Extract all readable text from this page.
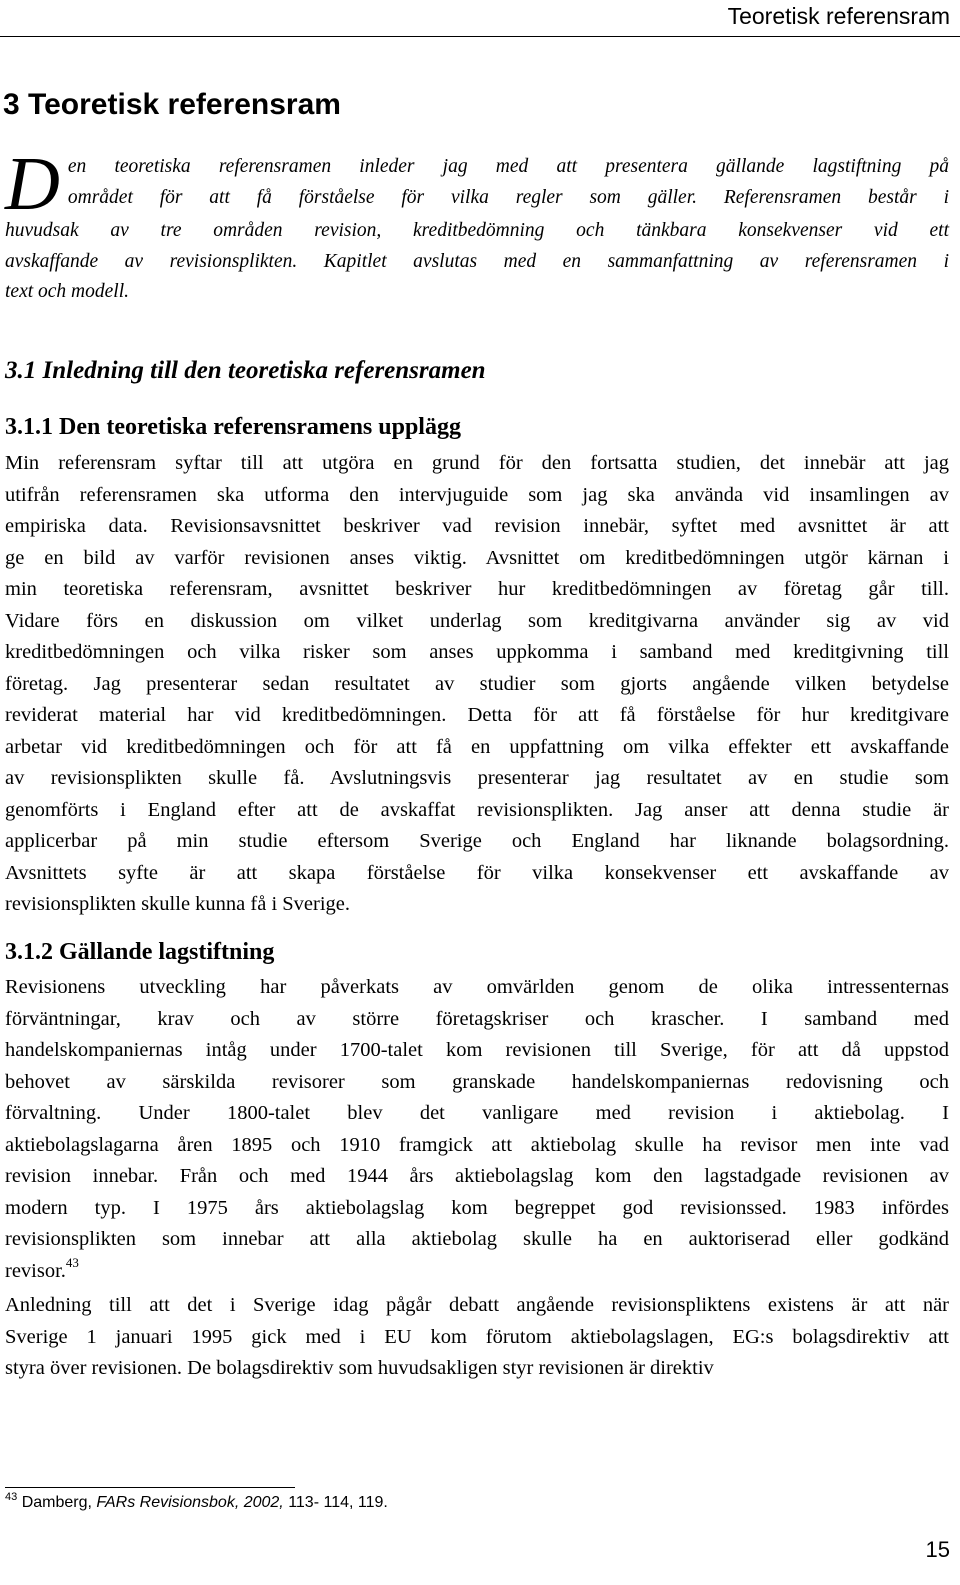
Teoretisk referensram
3 Teoretisk referensram
D en teoretiska referensramen inleder jag med att presentera gällande lagstiftning på
området för att få förståelse för vilka regler som gäller. Referensramen består i
huvudsak av tre områden revision, kreditbedömning och tänkbara konsekvenser vid ett
avskaffande av revisionsplikten. Kapitlet avslutas med en sammanfattning av referensramen i
text och modell.

3.1 Inledning till den teoretiska referensramen
3.1.1 Den teoretiska referensramens upplägg
Min referensram syftar till att utgöra en grund för den fortsatta studien, det innebär att jag
utifrån referensramen ska utforma den intervjuguide som jag ska använda vid insamlingen av
empiriska data. Revisionsavsnittet beskriver vad revision innebär, syftet med avsnittet är att
ge en bild av varför revisionen anses viktig. Avsnittet om kreditbedömningen utgör kärnan i
min teoretiska referensram, avsnittet beskriver hur kreditbedömningen av företag går till.
Vidare förs en diskussion om vilket underlag som kreditgivarna använder sig av vid
kreditbedömningen och vilka risker som anses uppkomma i samband med kreditgivning till
företag. Jag presenterar sedan resultatet av studier som gjorts angående vilken betydelse
reviderat material har vid kreditbedömningen. Detta för att få förståelse för hur kreditgivare
arbetar vid kreditbedömningen och för att få en uppfattning om vilka effekter ett avskaffande
av revisionsplikten skulle få. Avslutningsvis presenterar jag resultatet av en studie som
genomförts i England efter att de avskaffat revisionsplikten. Jag anser att denna studie är
applicerbar på min studie eftersom Sverige och England har liknande bolagsordning.
Avsnittets syfte är att skapa förståelse för vilka konsekvenser ett avskaffande av
revisionsplikten skulle kunna få i Sverige.
3.1.2 Gällande lagstiftning
Revisionens utveckling har påverkats av omvärlden genom de olika intressenternas
förväntningar, krav och av större företagskriser och krascher. I samband med
handelskompaniernas intåg under 1700-talet kom revisionen till Sverige, för att då uppstod
behovet av särskilda revisorer som granskade handelskompaniernas redovisning och
förvaltning. Under 1800-talet blev det vanligare med revision i aktiebolag. I
aktiebolagslagarna åren 1895 och 1910 framgick att aktiebolag skulle ha revisor men inte vad
revision innebar. Från och med 1944 års aktiebolagslag kom den lagstadgade revisionen av
modern typ. I 1975 års aktiebolagslag kom begreppet god revisionssed. 1983 infördes
revisionsplikten som innebar att alla aktiebolag skulle ha en auktoriserad eller godkänd
revisor.$^{43}$
Anledning till att det i Sverige idag pågår debatt angående revisionspliktens existens är att när
Sverige 1 januari 1995 gick med i EU kom förutom aktiebolagslagen, EG:s bolagsdirektiv att
styra över revisionen. De bolagsdirektiv som huvudsakligen styr revisionen är direktiv

$^{43}$ Damberg, FARs Revisionsbok, 2002, 113- 114, 119.

15
